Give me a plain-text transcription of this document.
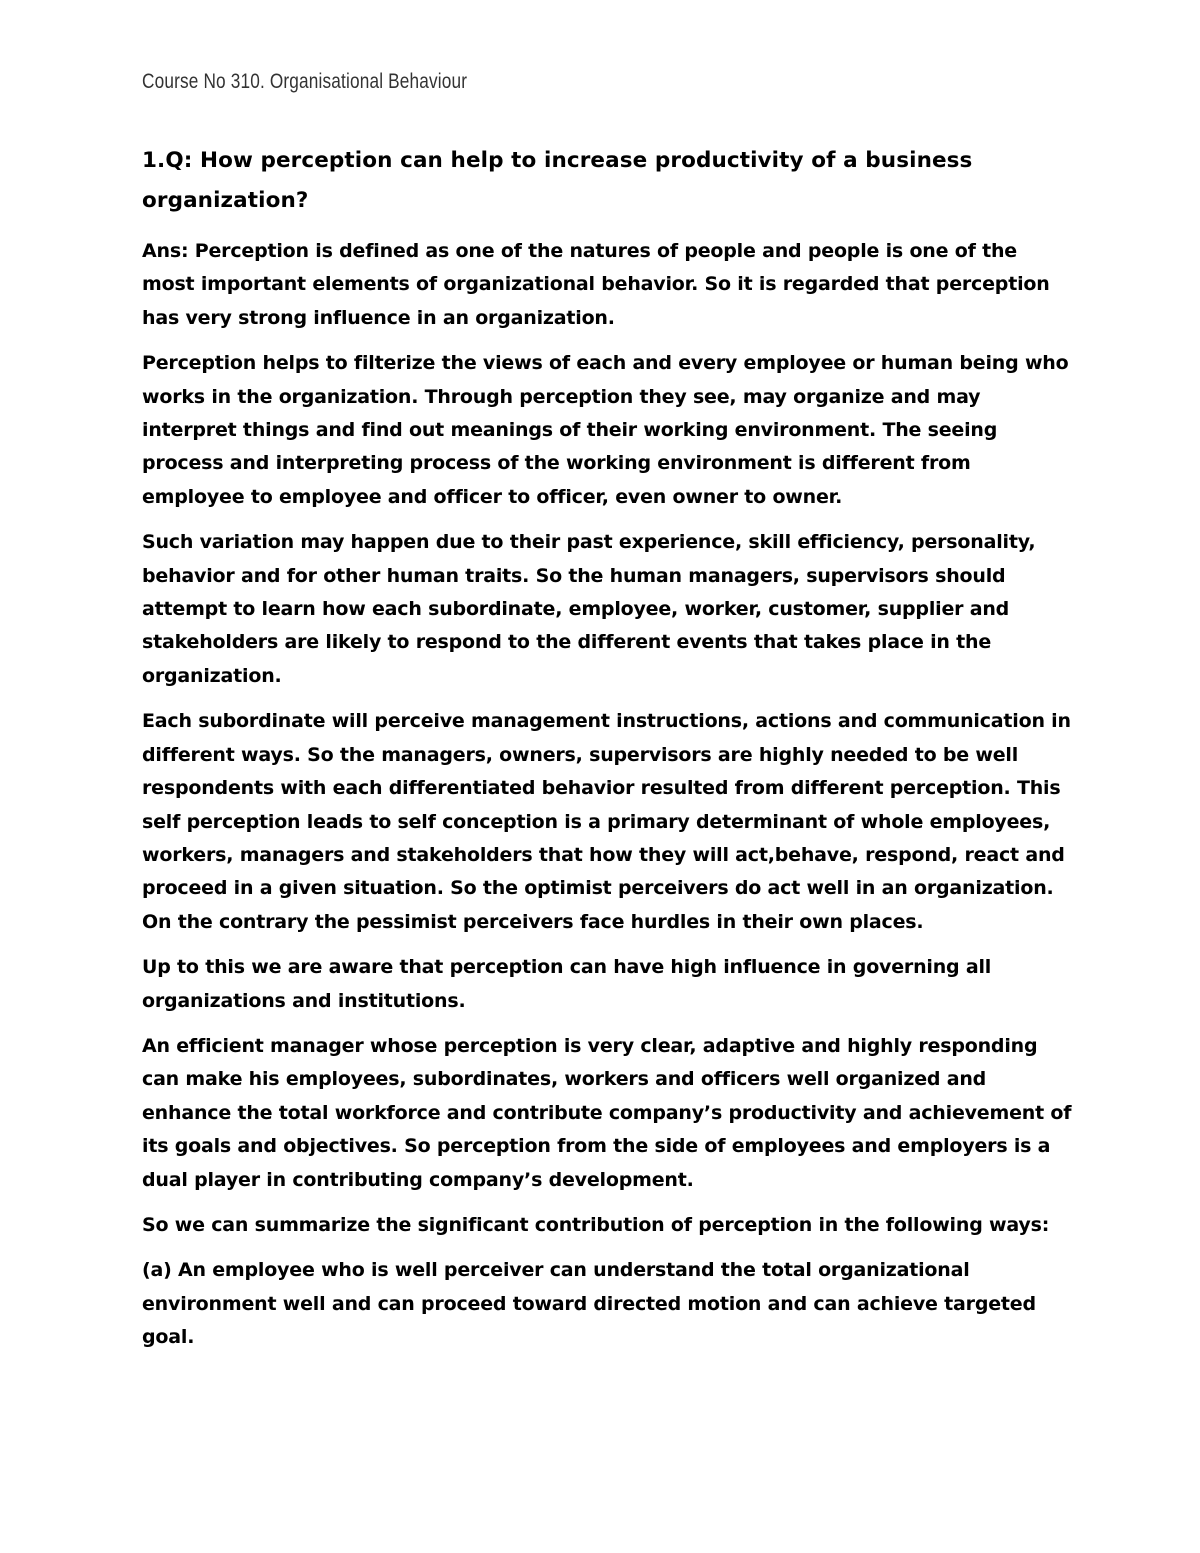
Course No 310. Organisational Behaviour

1.Q: How perception can help to increase productivity of a business organization?

Ans: Perception is defined as one of the natures of people and people is one of the most important elements of organizational behavior. So it is regarded that perception has very strong influence in an organization.

Perception helps to filterize the views of each and every employee or human being who works in the organization. Through perception they see, may organize and may interpret things and find out meanings of their working environment. The seeing process and interpreting process of the working environment is different from employee to employee and officer to officer, even owner to owner.

Such variation may happen due to their past experience, skill efficiency, personality, behavior and for other human traits. So the human managers, supervisors should attempt to learn how each subordinate, employee, worker, customer, supplier and stakeholders are likely to respond to the different events that takes place in the organization.

Each subordinate will perceive management instructions, actions and communication in different ways. So the managers, owners, supervisors are highly needed to be well respondents with each differentiated behavior resulted from different perception. This self perception leads to self conception is a primary determinant of whole employees, workers, managers and stakeholders that how they will act,behave, respond, react and proceed in a given situation. So the optimist perceivers do act well in an organization. On the contrary the pessimist perceivers face hurdles in their own places.

Up to this we are aware that perception can have high influence in governing all organizations and institutions.

An efficient manager whose perception is very clear, adaptive and highly responding can make his employees, subordinates, workers and officers well organized and enhance the total workforce and contribute company’s productivity and achievement of its goals and objectives. So perception from the side of employees and employers is a dual player in contributing company’s development.

So we can summarize the significant contribution of perception in the following ways:

(a) An employee who is well perceiver can understand the total organizational environment well and can proceed toward directed motion and can achieve targeted goal.
